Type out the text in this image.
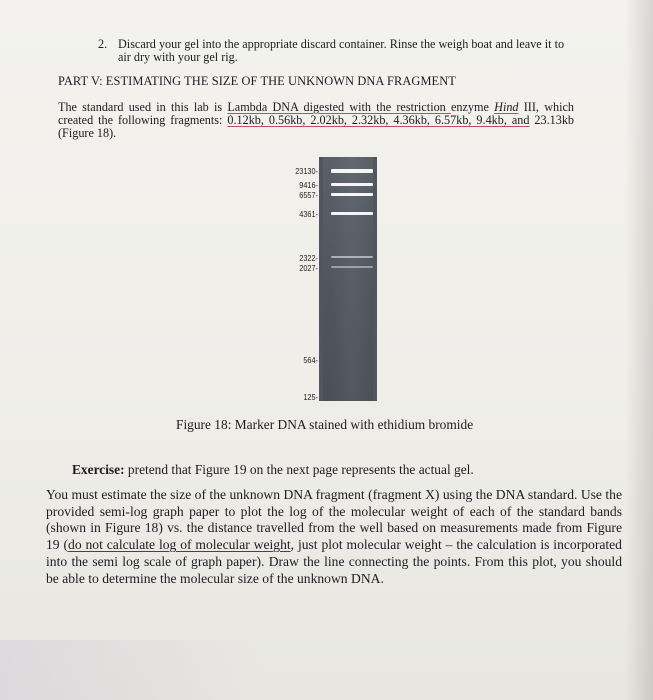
2. Discard your gel into the appropriate discard container. Rinse the weigh boat and leave it to air dry with your gel rig.
PART V: ESTIMATING THE SIZE OF THE UNKNOWN DNA FRAGMENT
The standard used in this lab is Lambda DNA digested with the restriction enzyme Hind III, which created the following fragments: 0.12kb, 0.56kb, 2.02kb, 2.32kb, 4.36kb, 6.57kb, 9.4kb, and 23.13kb (Figure 18).
23130 -
9416 -
6557 -
4361 -
2322 -
2027 -
564 -
125 -
Figure 18: Marker DNA stained with ethidium bromide
Exercise: pretend that Figure 19 on the next page represents the actual gel.
You must estimate the size of the unknown DNA fragment (fragment X) using the DNA standard. Use the provided semi-log graph paper to plot the log of the molecular weight of each of the standard bands (shown in Figure 18) vs. the distance travelled from the well based on measurements made from Figure 19 (do not calculate log of molecular weight, just plot molecular weight – the calculation is incorporated into the semi log scale of graph paper). Draw the line connecting the points. From this plot, you should be able to determine the molecular size of the unknown DNA.
